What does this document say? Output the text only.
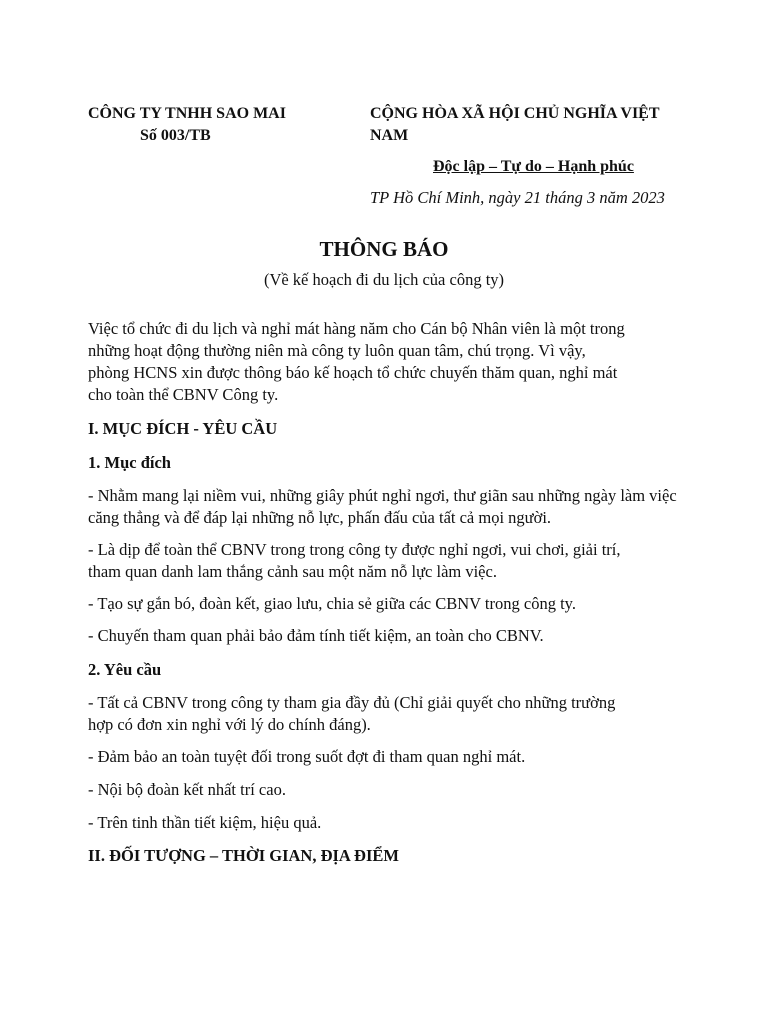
CÔNG TY TNHH SAO MAI
Số 003/TB
CỘNG HÒA XÃ HỘI CHỦ NGHĨA VIỆT
NAM
Độc lập – Tự do – Hạnh phúc
TP Hồ Chí Minh, ngày 21 tháng 3 năm 2023
THÔNG BÁO
(Về kế hoạch đi du lịch của công ty)
Việc tổ chức đi du lịch và nghỉ mát hàng năm cho Cán bộ Nhân viên là một trong
những hoạt động thường niên mà công ty luôn quan tâm, chú trọng. Vì vậy,
phòng HCNS xin được thông báo kế hoạch tổ chức chuyến thăm quan, nghỉ mát
cho toàn thể CBNV Công ty.
I. MỤC ĐÍCH - YÊU CẦU
1. Mục đích
- Nhằm mang lại niềm vui, những giây phút nghỉ ngơi, thư giãn sau những ngày làm việc
căng thẳng và để đáp lại những nỗ lực, phấn đấu của tất cả mọi người.
- Là dịp để toàn thể CBNV trong trong công ty được nghỉ ngơi, vui chơi, giải trí,
tham quan danh lam thắng cảnh sau một năm nỗ lực làm việc.
- Tạo sự gắn bó, đoàn kết, giao lưu, chia sẻ giữa các CBNV trong công ty.
- Chuyến tham quan phải bảo đảm tính tiết kiệm, an toàn cho CBNV.
2. Yêu cầu
- Tất cả CBNV trong công ty tham gia đầy đủ (Chỉ giải quyết cho những trường
hợp có đơn xin nghỉ với lý do chính đáng).
- Đảm bảo an toàn tuyệt đối trong suốt đợt đi tham quan nghỉ mát.
- Nội bộ đoàn kết nhất trí cao.
- Trên tinh thần tiết kiệm, hiệu quả.
II. ĐỐI TƯỢNG – THỜI GIAN, ĐỊA ĐIỂM
